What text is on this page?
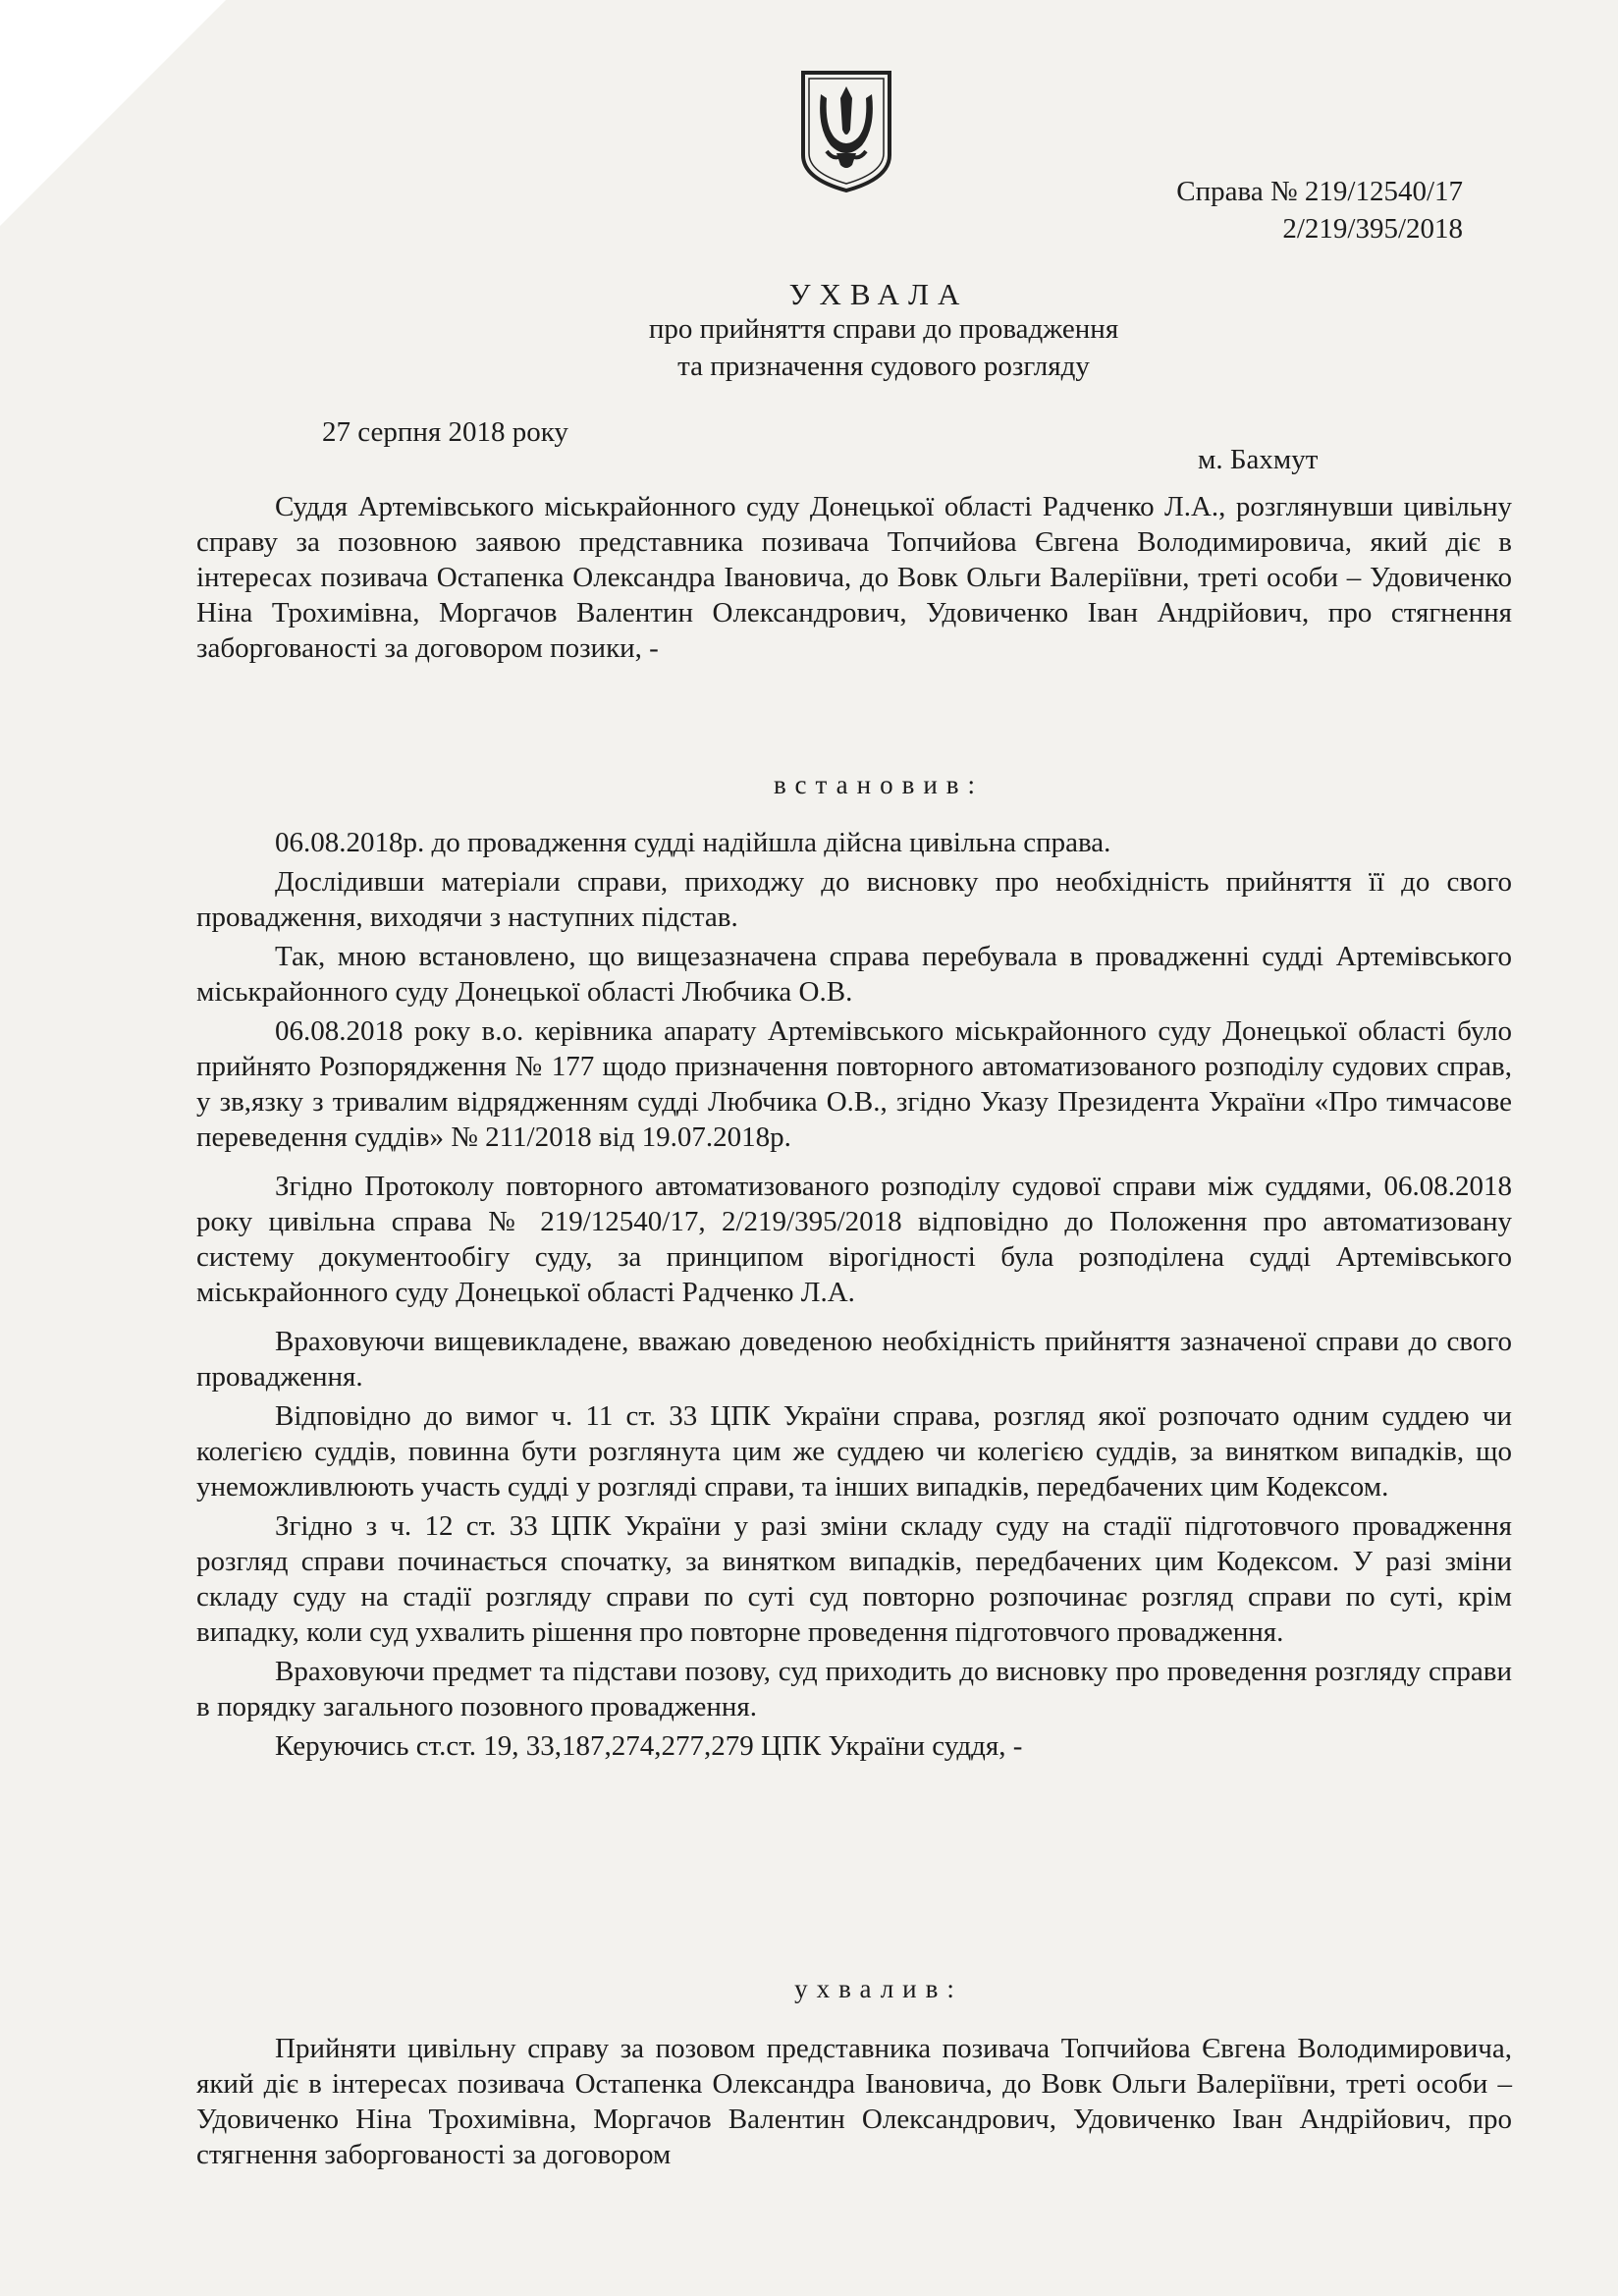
Справа № 219/12540/17
2/219/395/2018
УХВАЛА
про прийняття справи до провадження
та призначення судового розгляду
27 серпня 2018 року
м. Бахмут

Суддя Артемівського міськрайонного суду Донецької області Радченко Л.А., розглянувши цивільну справу за позовною заявою представника позивача Топчийова Євгена Володимировича, який діє в інтересах позивача Остапенка Олександра Івановича, до Вовк Ольги Валеріївни, треті особи – Удовиченко Ніна Трохимівна, Моргачов Валентин Олександрович, Удовиченко Іван Андрійович, про стягнення заборгованості за договором позики, -

встановив:

06.08.2018р. до провадження судді надійшла дійсна цивільна справа.

Дослідивши матеріали справи, приходжу до висновку про необхідність прийняття її до свого провадження, виходячи з наступних підстав.

Так, мною встановлено, що вищезазначена справа перебувала в провадженні судді Артемівського міськрайонного суду Донецької області Любчика О.В.

06.08.2018 року в.о. керівника апарату Артемівського міськрайонного суду Донецької області було прийнято Розпорядження № 177 щодо призначення повторного автоматизованого розподілу судових справ, у зв,язку з тривалим відрядженням судді Любчика О.В., згідно Указу Президента України «Про тимчасове переведення суддів» № 211/2018 від 19.07.2018р.

Згідно Протоколу повторного автоматизованого розподілу судової справи між суддями, 06.08.2018 року цивільна справа № 219/12540/17, 2/219/395/2018 відповідно до Положення про автоматизовану систему документообігу суду, за принципом вірогідності була розподілена судді Артемівського міськрайонного суду Донецької області Радченко Л.А.

Враховуючи вищевикладене, вважаю доведеною необхідність прийняття зазначеної справи до свого провадження.

Відповідно до вимог ч. 11 ст. 33 ЦПК України справа, розгляд якої розпочато одним суддею чи колегією суддів, повинна бути розглянута цим же суддею чи колегією суддів, за винятком випадків, що унеможливлюють участь судді у розгляді справи, та інших випадків, передбачених цим Кодексом.

Згідно з ч. 12 ст. 33 ЦПК України у разі зміни складу суду на стадії підготовчого провадження розгляд справи починається спочатку, за винятком випадків, передбачених цим Кодексом. У разі зміни складу суду на стадії розгляду справи по суті суд повторно розпочинає розгляд справи по суті, крім випадку, коли суд ухвалить рішення про повторне проведення підготовчого провадження.

Враховуючи предмет та підстави позову, суд приходить до висновку про проведення розгляду справи в порядку загального позовного провадження.

Керуючись ст.ст. 19, 33,187,274,277,279 ЦПК України суддя, -

ухвалив:

Прийняти цивільну справу за позовом представника позивача Топчийова Євгена Володимировича, який діє в інтересах позивача Остапенка Олександра Івановича, до Вовк Ольги Валеріївни, треті особи – Удовиченко Ніна Трохимівна, Моргачов Валентин Олександрович, Удовиченко Іван Андрійович, про стягнення заборгованості за договором
